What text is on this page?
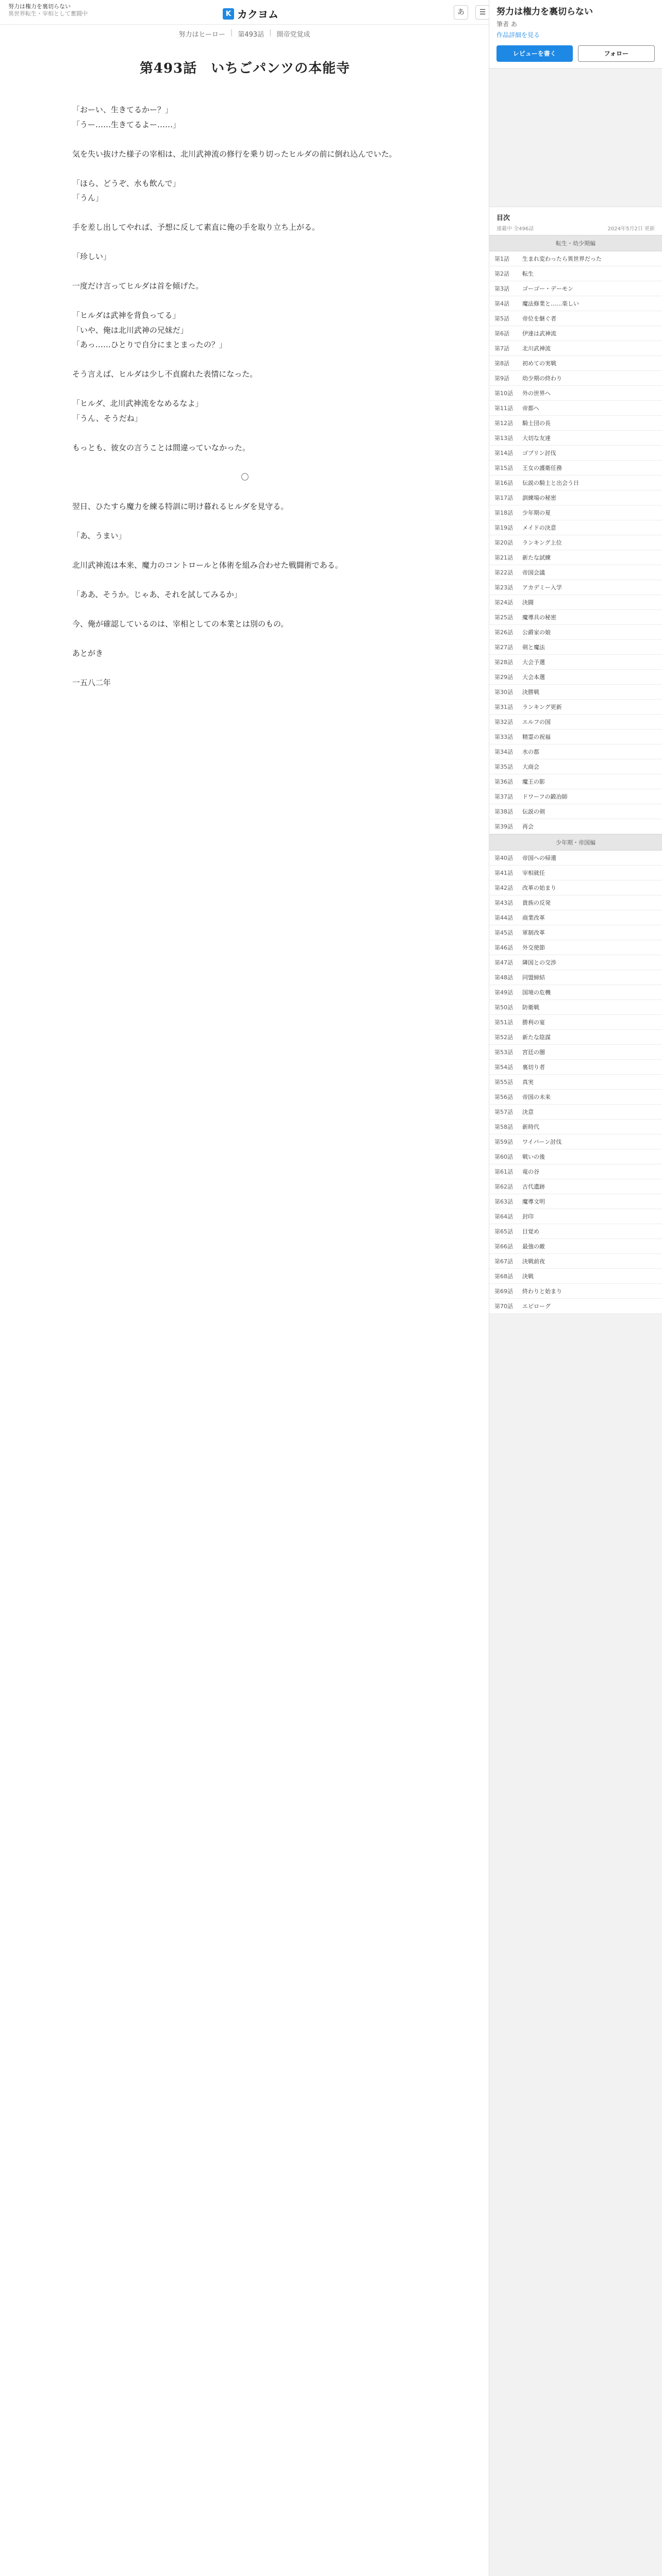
努力は権力を裏切らない
異世界転生・宰相として奮闘中	K カクヨム	あ	☰
努力はヒーロー | 第493話 | 開帝党覚成
第493話　いちごパンツの本能寺

「おーい、生きてるかー？」

「うー……生きてるよー……」

気を失い抜けた様子の宰相は、北川武神流の修行を乗り切ったヒルダの前に倒れ込んでいた。

「ほら、どうぞ、水も飲んで」

「うん」

手を差し出してやれば、予想に反して素直に俺の手を取り立ち上がる。

「珍しい」

一度だけ言ってヒルダは首を傾げた。

「ヒルダは武神を背負ってる」

「いや、俺は北川武神の兄妹だ」

「あっ……ひとりで自分にまとまったの？」

そう言えば、ヒルダは少し不貞腐れた表情になった。

「ヒルダ、北川武神流をなめるなよ」

「うん、そうだね」

もっとも、彼女の言うことは間違っていなかった。

〇

翌日、ひたすら魔力を練る特訓に明け暮れるヒルダを見守る。

「あ、うまい」

北川武神流は本来、魔力のコントロールと体術を組み合わせた戦闘術である。

「ああ、そうか。じゃあ、それを試してみるか」

今、俺が確認しているのは、宰相としての本業とは別のもの。

あとがき

一五八二年

努力は権力を裏切らない
筆者 あ
作品詳細を見る
レビューを書く	フォロー
目次
連載中 全496話	2024年5月2日 更新
転生・幼少期編
第1話	生まれ変わったら異世界だった
第2話	転生
第3話	ゴーゴー・デーモン
第4話	魔法修業と……楽しい
第5話	帝位を継ぐ者
第6話	伊達は武神流
第7話	北川武神流
第8話	初めての実戦
第9話	幼少期の終わり
第10話	外の世界へ
第11話	帝都へ
第12話	騎士団の長
第13話	大切な友達
第14話	ゴブリン討伐
第15話	王女の護衛任務
第16話	伝説の騎士と出会う日
第17話	訓練場の秘密
第18話	少年期の夏
第19話	メイドの決意
第20話	ランキング上位
第21話	新たな試練
第22話	帝国会議
第23話	アカデミー入学
第24話	決闘
第25話	魔導具の秘密
第26話	公爵家の娘
第27話	剣と魔法
第28話	大会予選
第29話	大会本選
第30話	決勝戦
第31話	ランキング更新
第32話	エルフの国
第33話	精霊の祝福
第34話	水の都
第35話	大商会
第36話	魔王の影
第37話	ドワーフの鍛冶師
第38話	伝説の剣
第39話	再会
少年期・帝国編
第40話	帝国への帰還
第41話	宰相就任
第42話	改革の始まり
第43話	貴族の反発
第44話	商業改革
第45話	軍制改革
第46話	外交使節
第47話	隣国との交渉
第48話	同盟締結
第49話	国境の危機
第50話	防衛戦
第51話	勝利の宴
第52話	新たな陰謀
第53話	宮廷の闇
第54話	裏切り者
第55話	真実
第56話	帝国の未来
第57話	決意
第58話	新時代
第59話	ワイバーン討伐
第60話	戦いの後
第61話	竜の谷
第62話	古代遺跡
第63話	魔導文明
第64話	封印
第65話	目覚め
第66話	最強の敵
第67話	決戦前夜
第68話	決戦
第69話	終わりと始まり
第70話	エピローグ
